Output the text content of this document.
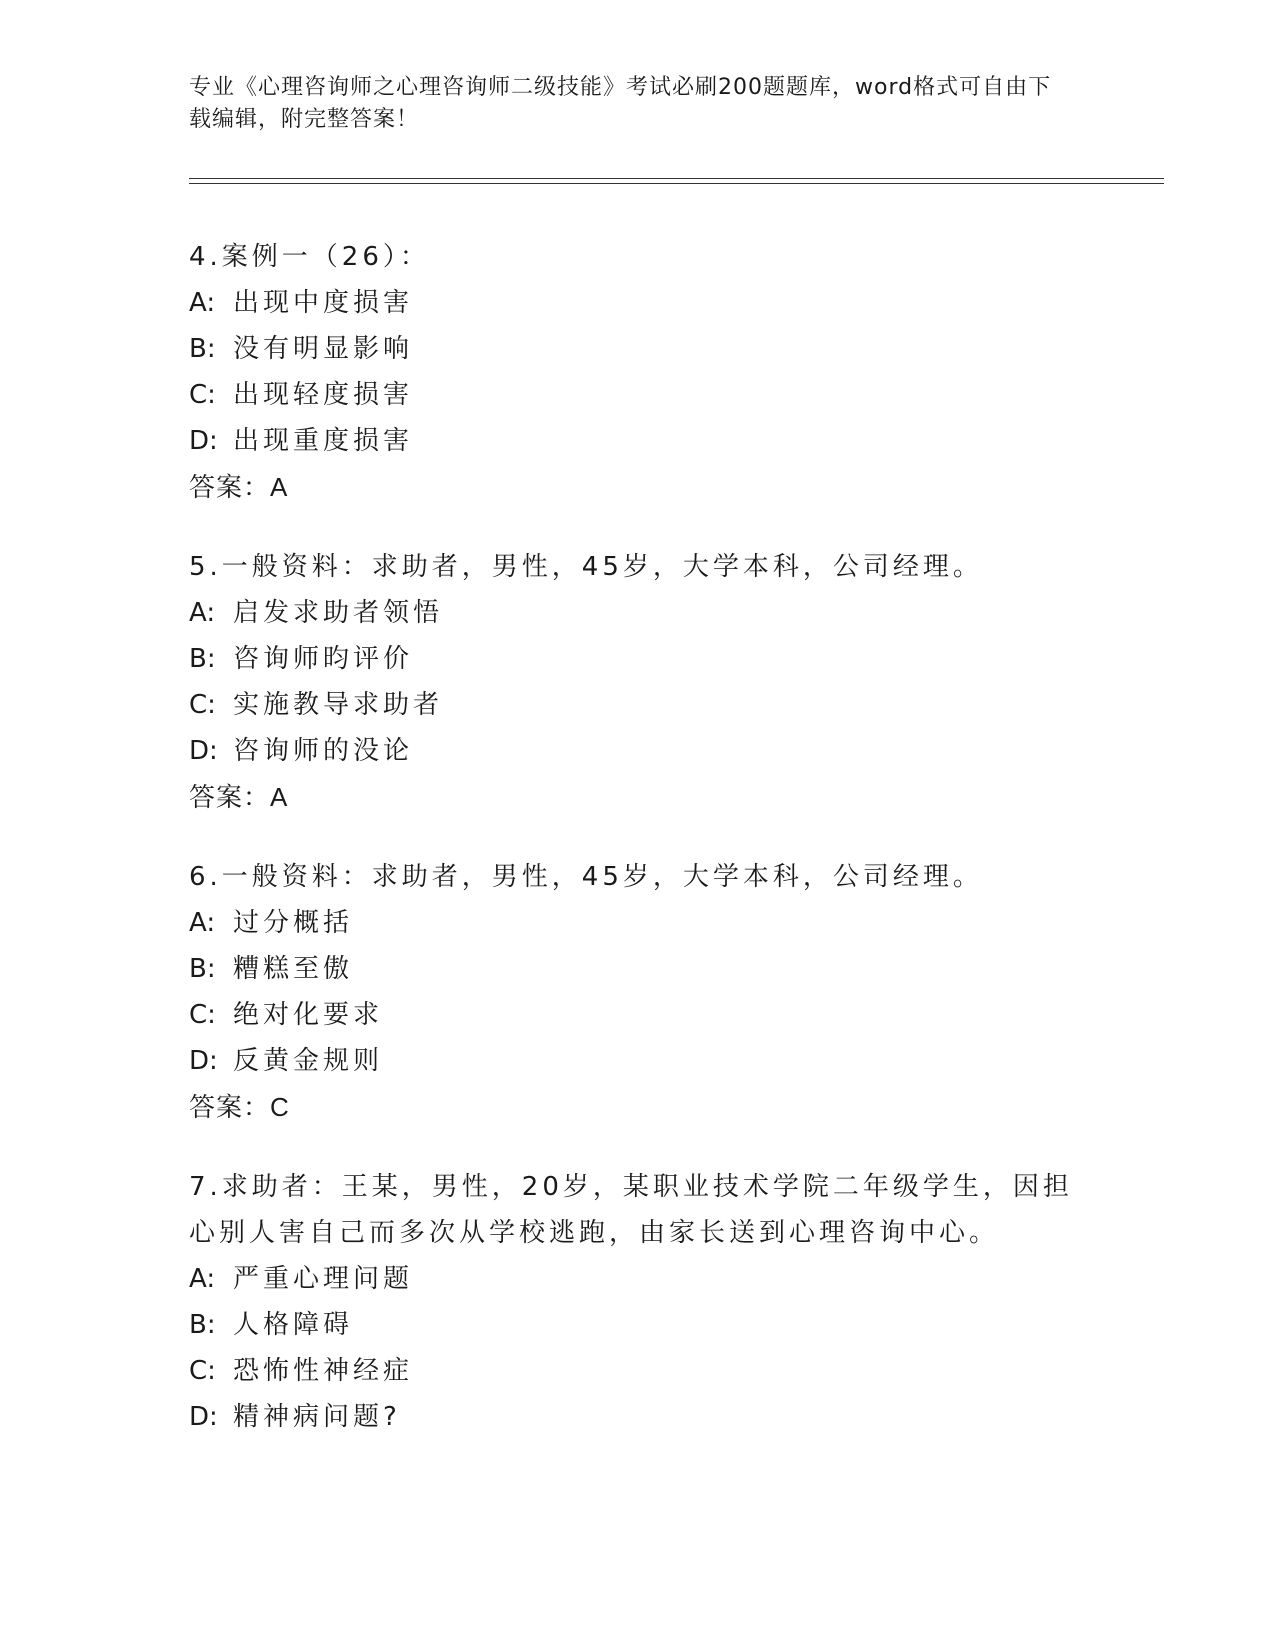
专业《心理咨询师之心理咨询师二级技能》考试必刷200题题库，word格式可自由下载编辑，附完整答案！
4.案例一（26）：
A: 出现中度损害
B: 没有明显影响
C: 出现轻度损害
D: 出现重度损害
答案：A
5.一般资料：求助者，男性，45岁，大学本科，公司经理。
A: 启发求助者领悟
B: 咨询师昀评价
C: 实施教导求助者
D: 咨询师的没论
答案：A
6.一般资料：求助者，男性，45岁，大学本科，公司经理。
A: 过分概括
B: 糟糕至傲
C: 绝对化要求
D: 反黄金规则
答案：C
7.求助者：王某，男性，20岁，某职业技术学院二年级学生，因担心别人害自己而多次从学校逃跑，由家长送到心理咨询中心。
A: 严重心理问题
B: 人格障碍
C: 恐怖性神经症
D: 精神病问题?
